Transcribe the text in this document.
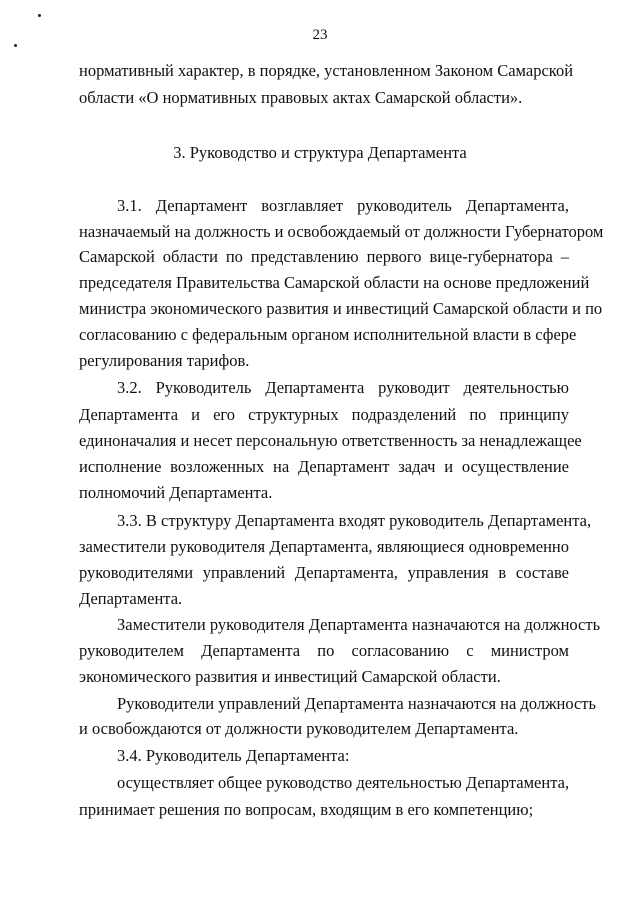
23
нормативный характер, в порядке, установленном Законом Самарской
области «О нормативных правовых актах Самарской области».
3. Руководство и структура Департамента
3.1. Департамент возглавляет руководитель Департамента,
назначаемый на должность и освобождаемый от должности Губернатором
Самарской области по представлению первого вице-губернатора –
председателя Правительства Самарской области на основе предложений
министра экономического развития и инвестиций Самарской области и по
согласованию с федеральным органом исполнительной власти в сфере
регулирования тарифов.
3.2. Руководитель Департамента руководит деятельностью
Департамента и его структурных подразделений по принципу
единоначалия и несет персональную ответственность за ненадлежащее
исполнение возложенных на Департамент задач и осуществление
полномочий Департамента.
3.3. В структуру Департамента входят руководитель Департамента,
заместители руководителя Департамента, являющиеся одновременно
руководителями управлений Департамента, управления в составе
Департамента.
Заместители руководителя Департамента назначаются на должность
руководителем Департамента по согласованию с министром
экономического развития и инвестиций Самарской области.
Руководители управлений Департамента назначаются на должность
и освобождаются от должности руководителем Департамента.
3.4. Руководитель Департамента:
осуществляет общее руководство деятельностью Департамента,
принимает решения по вопросам, входящим в его компетенцию;
